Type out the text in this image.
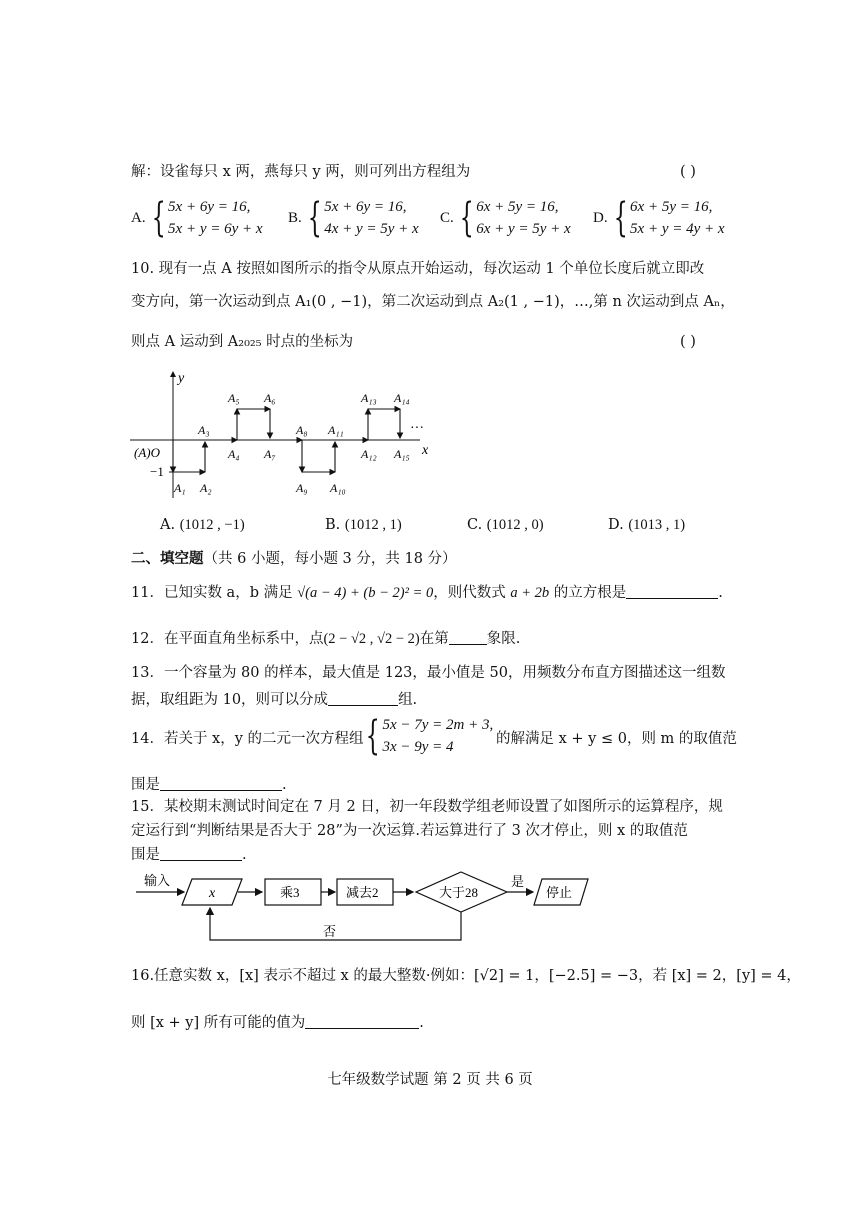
解：设雀每只 x 两，燕每只 y 两，则可列出方程组为	( )
A. { 5x + 6y = 16,
5x + y = 6y + x
B. { 5x + 6y = 16,
4x + y = 5y + x
C. { 6x + 5y = 16,
6x + y = 5y + x
D. { 6x + 5y = 16,
5x + y = 4y + x
10. 现有一点 A 按照如图所示的指令从原点开始运动，每次运动 1 个单位长度后就立即改
变方向，第一次运动到点 A₁(0 , −1)，第二次运动到点 A₂(1 , −1)，…,第 n 次运动到点 Aₙ，
则点 A 运动到 A₂₀₂₅ 时点的坐标为	( )
y
x
(A)O
−1
···
A₁ A₂
A₃
A₄
A₅ A₆
A₇
A₈
A₉ A₁₀
A₁₁
A₁₂
A₁₃ A₁₄
A₁₅
A. (1012 , −1)	B. (1012 , 1)	C. (1012 , 0)	D. (1013 , 1)
二、填空题（共 6 小题，每小题 3 分，共 18 分）
11．已知实数 a，b 满足 √(a − 4) + (b − 2)² = 0，则代数式 a + 2b 的立方根是	.
12．在平面直角坐标系中，点(2 − √2 , √2 − 2)在第	象限.
13．一个容量为 80 的样本，最大值是 123，最小值是 50，用频数分布直方图描述这一组数
据，取组距为 10，则可以分成	组.
14．若关于 x，y 的二元一次方程组 { 5x − 7y = 2m + 3,
3x − 9y = 4	的解满足 x + y ≤ 0，则 m 的取值范
围是	.
15．某校期末测试时间定在 7 月 2 日，初一年段数学组老师设置了如图所示的运算程序，规
定运行到“判断结果是否大于 28”为一次运算.若运算进行了 3 次才停止，则 x 的取值范
围是	.
输入
x	乘3	减去2	大于28
是
停止
否
16.任意实数 x，[x] 表示不超过 x 的最大整数·例如：[√2] = 1，[−2.5] = −3，若 [x] = 2，[y] = 4，
则 [x + y] 所有可能的值为	.
七年级数学试题 第 2 页 共 6 页
